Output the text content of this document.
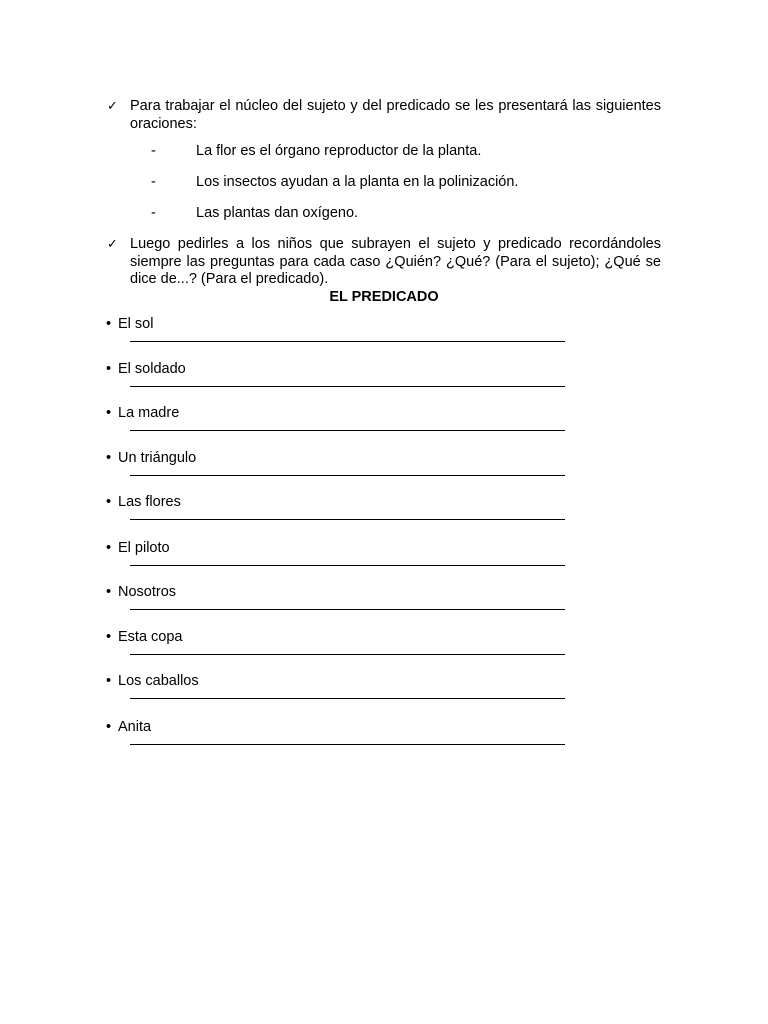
✓ Para trabajar el núcleo del sujeto y del predicado se les presentará las siguientes oraciones:
-	La flor es el órgano reproductor de la planta.
-	Los insectos ayudan a la planta en la polinización.
-	Las plantas dan oxígeno.
✓ Luego pedirles a los niños que subrayen el sujeto y predicado recordándoles siempre las preguntas para cada caso ¿Quién? ¿Qué? (Para el sujeto); ¿Qué se dice de...? (Para el predicado).
EL PREDICADO
• El sol
• El soldado
• La madre
• Un triángulo
• Las flores
• El piloto
• Nosotros
• Esta copa
• Los caballos
• Anita
